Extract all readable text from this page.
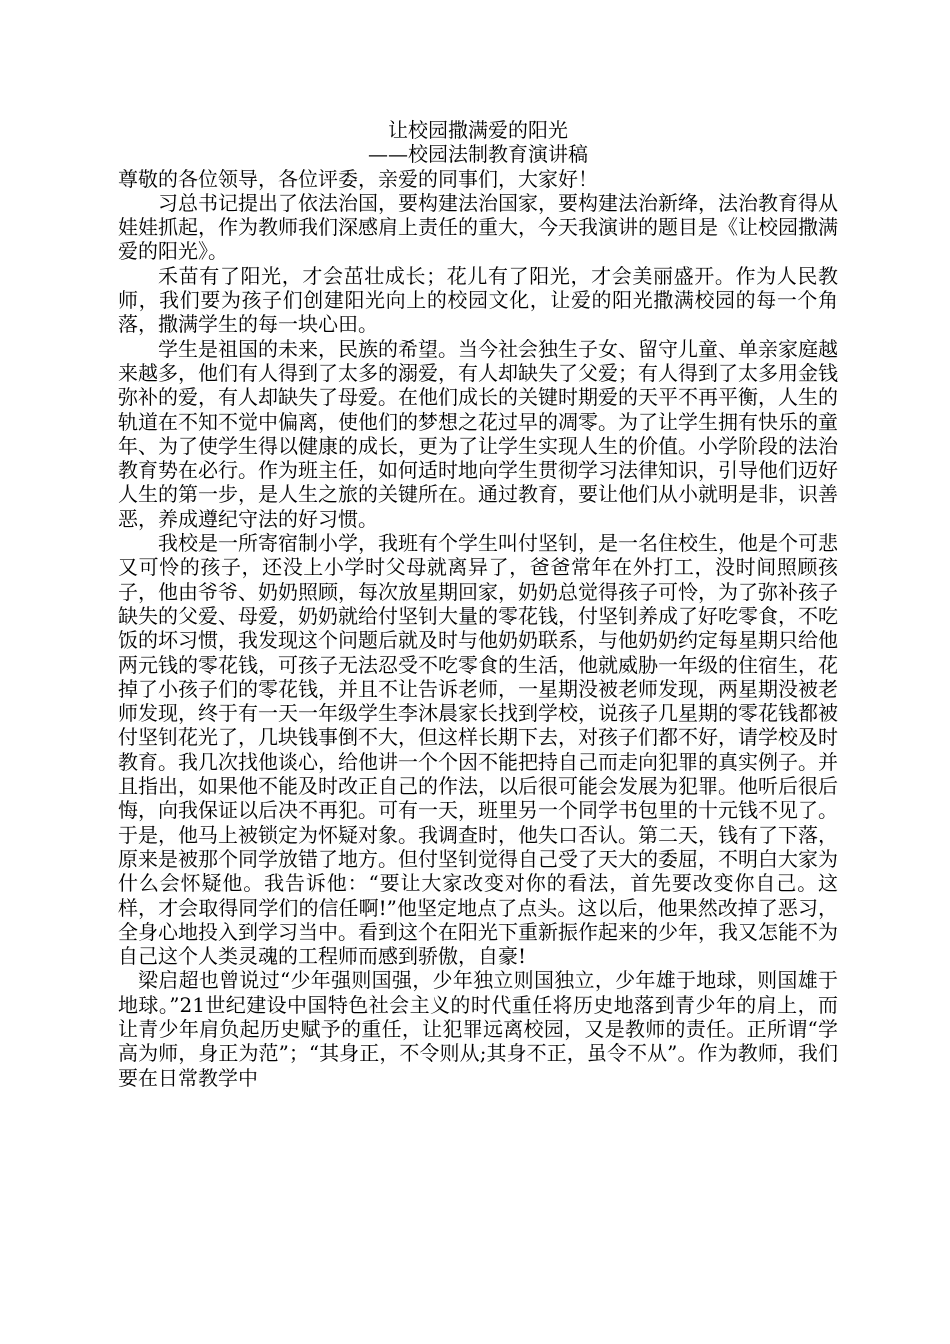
让校园撒满爱的阳光
——校园法制教育演讲稿

尊敬的各位领导，各位评委，亲爱的同事们，大家好！

习总书记提出了依法治国，要构建法治国家，要构建法治新绛，法治教育得从娃娃抓起，作为教师我们深感肩上责任的重大，今天我演讲的题目是《让校园撒满爱的阳光》。

禾苗有了阳光，才会茁壮成长；花儿有了阳光，才会美丽盛开。作为人民教师，我们要为孩子们创建阳光向上的校园文化，让爱的阳光撒满校园的每一个角落，撒满学生的每一块心田。

学生是祖国的未来，民族的希望。当今社会独生子女、留守儿童、单亲家庭越来越多，他们有人得到了太多的溺爱，有人却缺失了父爱；有人得到了太多用金钱弥补的爱，有人却缺失了母爱。在他们成长的关键时期爱的天平不再平衡，人生的轨道在不知不觉中偏离，使他们的梦想之花过早的凋零。为了让学生拥有快乐的童年、为了使学生得以健康的成长，更为了让学生实现人生的价值。小学阶段的法治教育势在必行。作为班主任，如何适时地向学生贯彻学习法律知识，引导他们迈好人生的第一步，是人生之旅的关键所在。通过教育，要让他们从小就明是非，识善恶，养成遵纪守法的好习惯。

我校是一所寄宿制小学，我班有个学生叫付坚钊，是一名住校生，他是个可悲又可怜的孩子，还没上小学时父母就离异了，爸爸常年在外打工，没时间照顾孩子，他由爷爷、奶奶照顾，每次放星期回家，奶奶总觉得孩子可怜，为了弥补孩子缺失的父爱、母爱，奶奶就给付坚钊大量的零花钱，付坚钊养成了好吃零食，不吃饭的坏习惯，我发现这个问题后就及时与他奶奶联系，与他奶奶约定每星期只给他两元钱的零花钱，可孩子无法忍受不吃零食的生活，他就威胁一年级的住宿生，花掉了小孩子们的零花钱，并且不让告诉老师，一星期没被老师发现，两星期没被老师发现，终于有一天一年级学生李沐晨家长找到学校，说孩子几星期的零花钱都被付坚钊花光了，几块钱事倒不大，但这样长期下去，对孩子们都不好，请学校及时教育。我几次找他谈心，给他讲一个个因不能把持自己而走向犯罪的真实例子。并且指出，如果他不能及时改正自己的作法，以后很可能会发展为犯罪。他听后很后悔，向我保证以后决不再犯。可有一天，班里另一个同学书包里的十元钱不见了。于是，他马上被锁定为怀疑对象。我调查时，他失口否认。第二天，钱有了下落，原来是被那个同学放错了地方。但付坚钊觉得自己受了天大的委屈，不明白大家为什么会怀疑他。我告诉他：“要让大家改变对你的看法，首先要改变你自己。这样，才会取得同学们的信任啊!”他坚定地点了点头。这以后，他果然改掉了恶习，全身心地投入到学习当中。看到这个在阳光下重新振作起来的少年，我又怎能不为自己这个人类灵魂的工程师而感到骄傲，自豪!

梁启超也曾说过“少年强则国强，少年独立则国独立，少年雄于地球，则国雄于地球。”21世纪建设中国特色社会主义的时代重任将历史地落到青少年的肩上，而让青少年肩负起历史赋予的重任，让犯罪远离校园，又是教师的责任。正所谓“学高为师，身正为范”；“其身正，不令则从;其身不正，虽令不从”。作为教师，我们要在日常教学中
